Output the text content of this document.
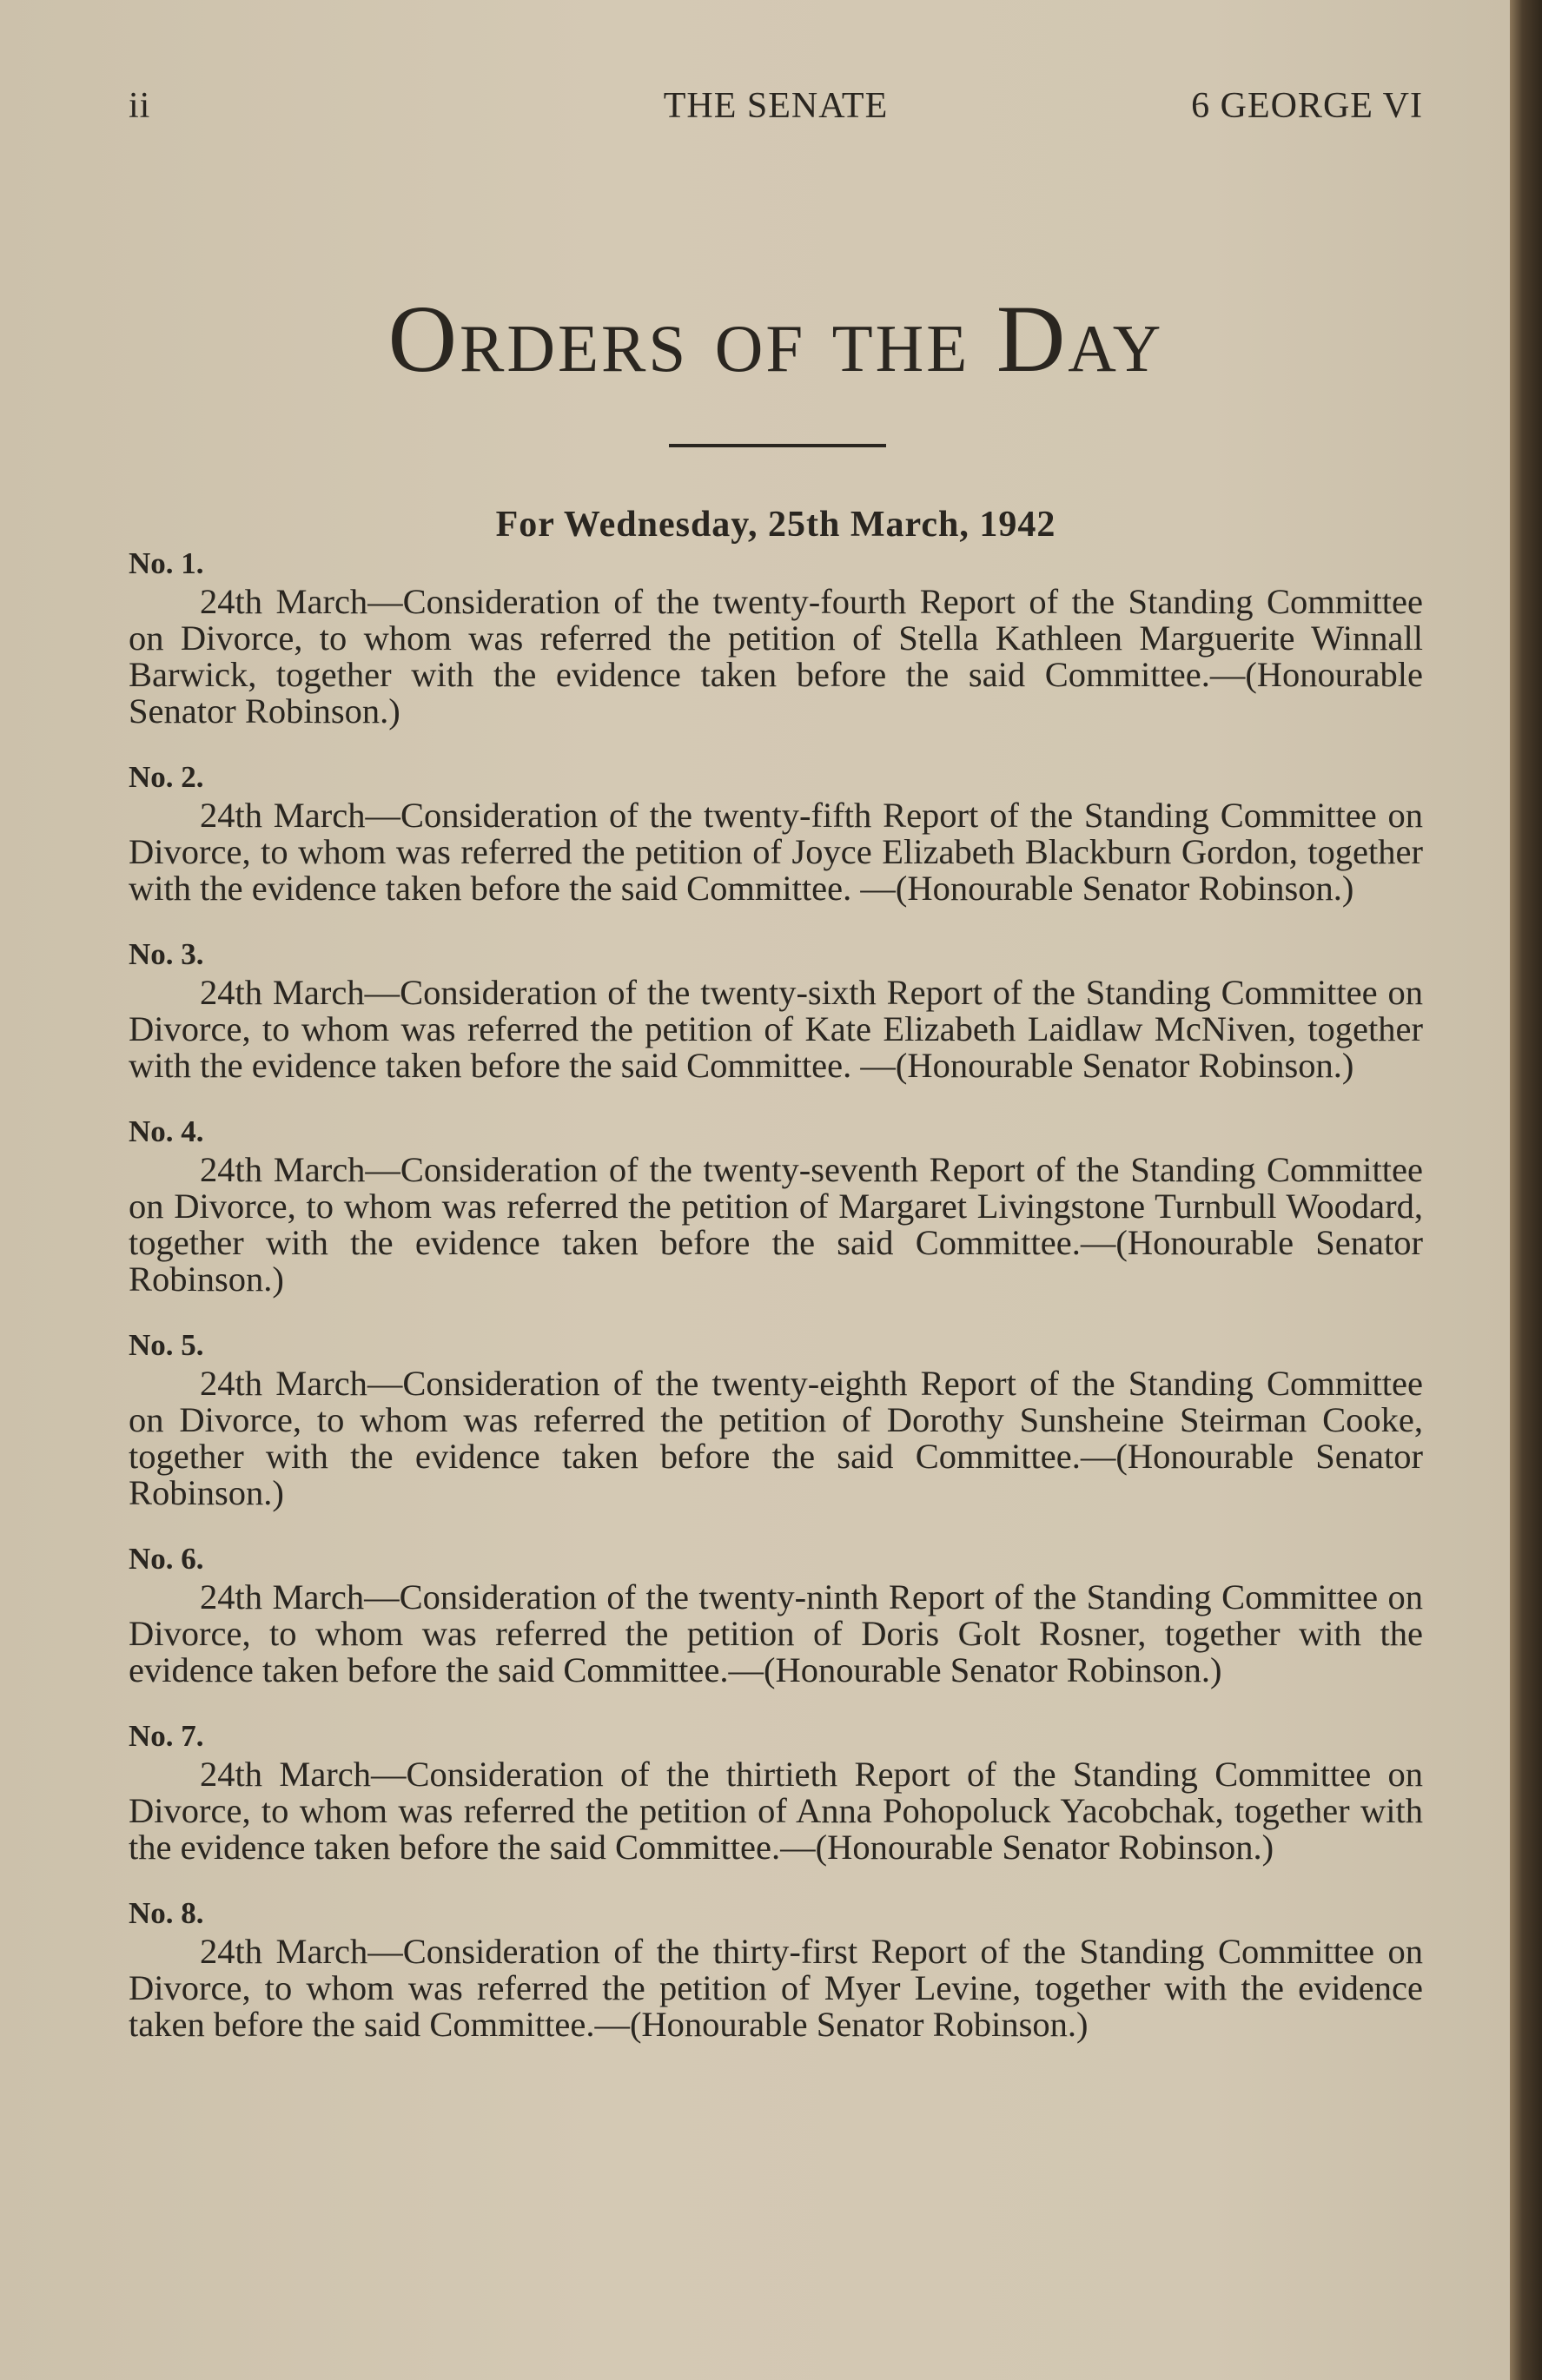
ii	THE SENATE	6 GEORGE VI
Orders of the Day
For Wednesday, 25th March, 1942
No. 1.
24th March—Consideration of the twenty-fourth Report of the Standing Committee on Divorce, to whom was referred the petition of Stella Kathleen Marguerite Winnall Barwick, together with the evidence taken before the said Committee.—(Honourable Senator Robinson.)
No. 2.
24th March—Consideration of the twenty-fifth Report of the Standing Committee on Divorce, to whom was referred the petition of Joyce Elizabeth Blackburn Gordon, together with the evidence taken before the said Committee. —(Honourable Senator Robinson.)
No. 3.
24th March—Consideration of the twenty-sixth Report of the Standing Committee on Divorce, to whom was referred the petition of Kate Elizabeth Laidlaw McNiven, together with the evidence taken before the said Committee. —(Honourable Senator Robinson.)
No. 4.
24th March—Consideration of the twenty-seventh Report of the Standing Committee on Divorce, to whom was referred the petition of Margaret Livingstone Turnbull Woodard, together with the evidence taken before the said Committee.—(Honourable Senator Robinson.)
No. 5.
24th March—Consideration of the twenty-eighth Report of the Standing Committee on Divorce, to whom was referred the petition of Dorothy Sunsheine Steirman Cooke, together with the evidence taken before the said Committee.—(Honourable Senator Robinson.)
No. 6.
24th March—Consideration of the twenty-ninth Report of the Standing Committee on Divorce, to whom was referred the petition of Doris Golt Rosner, together with the evidence taken before the said Committee.—(Honourable Senator Robinson.)
No. 7.
24th March—Consideration of the thirtieth Report of the Standing Committee on Divorce, to whom was referred the petition of Anna Pohopoluck Yacobchak, together with the evidence taken before the said Committee.—(Honourable Senator Robinson.)
No. 8.
24th March—Consideration of the thirty-first Report of the Standing Committee on Divorce, to whom was referred the petition of Myer Levine, together with the evidence taken before the said Committee.—(Honourable Senator Robinson.)
